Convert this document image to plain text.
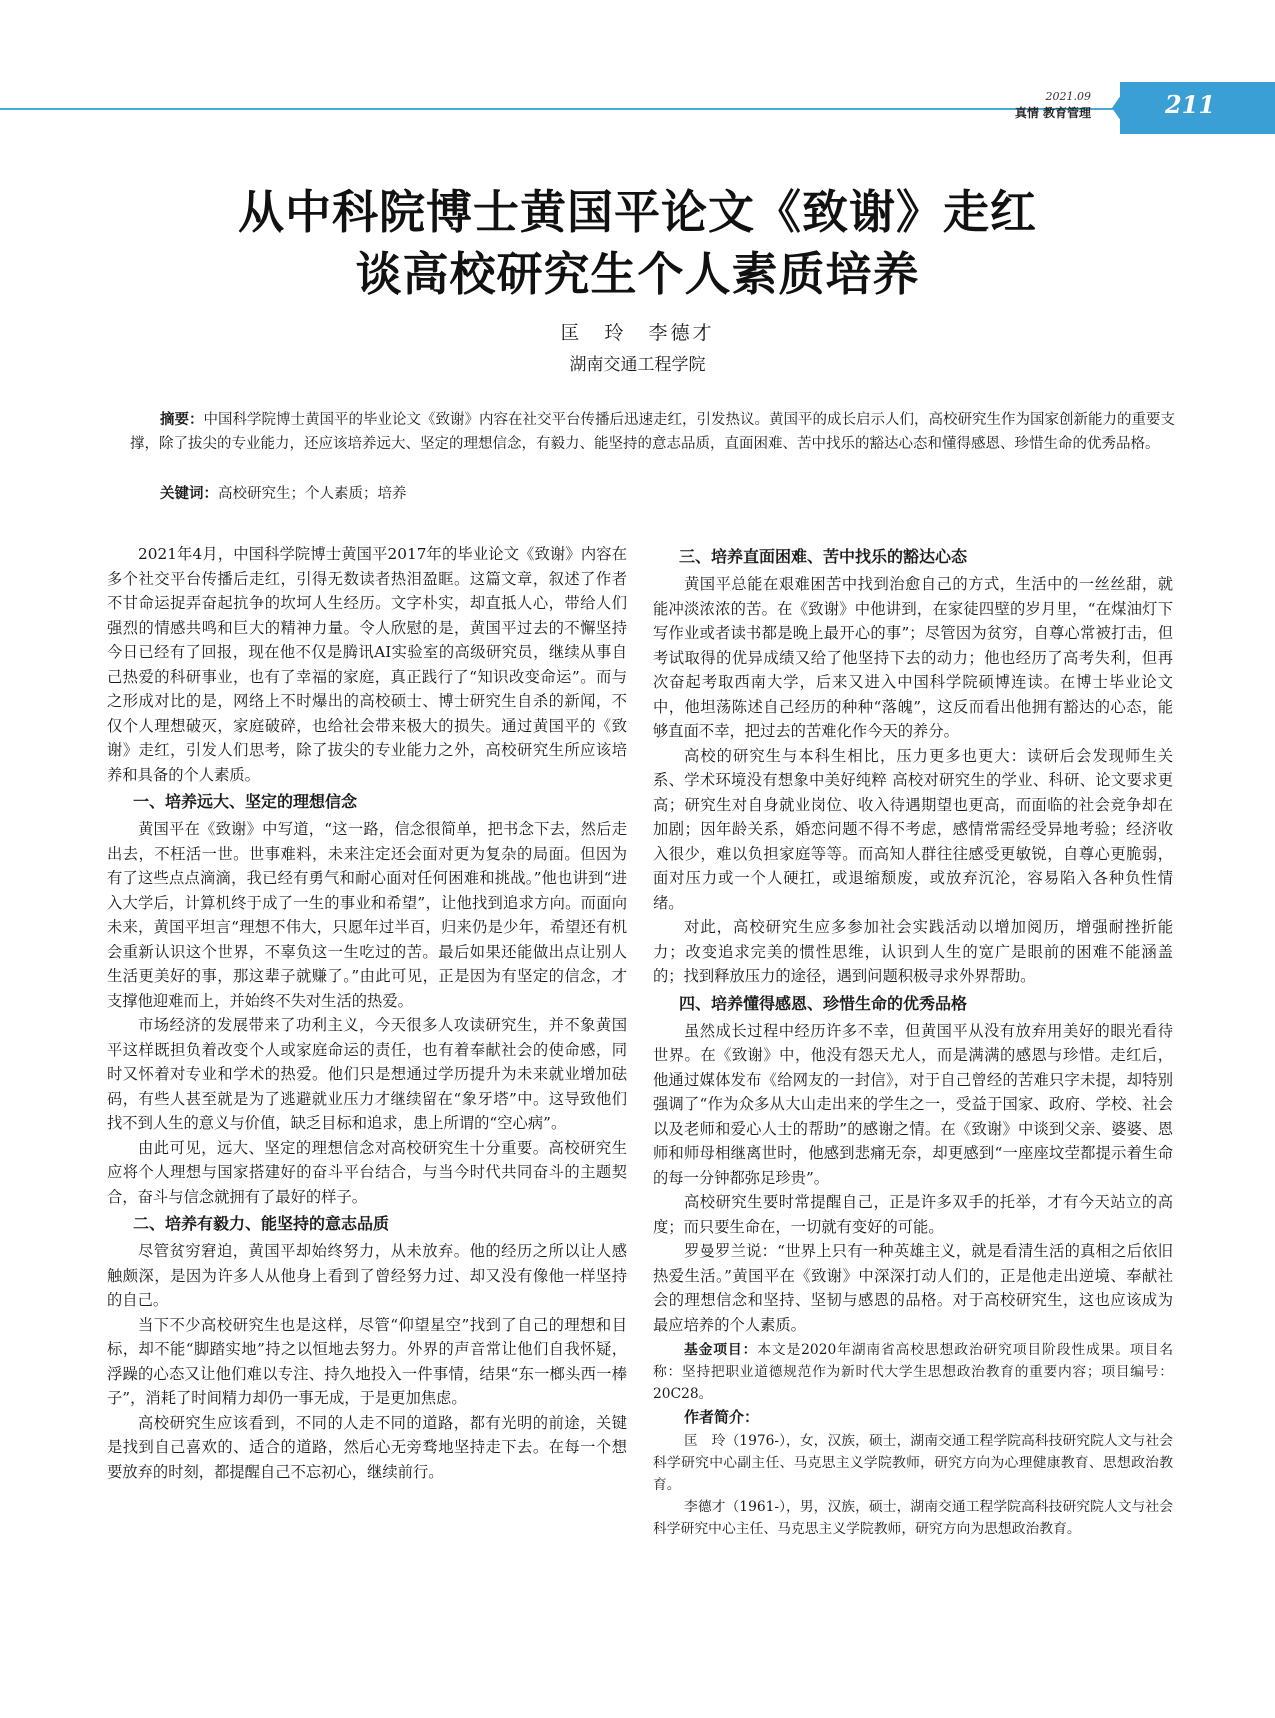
211
2021.09
真情 教育管理
从中科院博士黄国平论文《致谢》走红
谈高校研究生个人素质培养
匡　玲　李德才
湖南交通工程学院
摘要：中国科学院博士黄国平的毕业论文《致谢》内容在社交平台传播后迅速走红，引发热议。黄国平的成长启示人们，高校研究生作为国家创新能力的重要支撑，除了拔尖的专业能力，还应该培养远大、坚定的理想信念，有毅力、能坚持的意志品质，直面困难、苦中找乐的豁达心态和懂得感恩、珍惜生命的优秀品格。
关键词：高校研究生；个人素质；培养

2021年4月，中国科学院博士黄国平2017年的毕业论文《致谢》内容在多个社交平台传播后走红，引得无数读者热泪盈眶。这篇文章，叙述了作者不甘命运捉弄奋起抗争的坎坷人生经历。文字朴实，却直抵人心，带给人们强烈的情感共鸣和巨大的精神力量。令人欣慰的是，黄国平过去的不懈坚持今日已经有了回报，现在他不仅是腾讯AI实验室的高级研究员，继续从事自己热爱的科研事业，也有了幸福的家庭，真正践行了“知识改变命运”。而与之形成对比的是，网络上不时爆出的高校硕士、博士研究生自杀的新闻，不仅个人理想破灭，家庭破碎，也给社会带来极大的损失。通过黄国平的《致谢》走红，引发人们思考，除了拔尖的专业能力之外，高校研究生所应该培养和具备的个人素质。

一、培养远大、坚定的理想信念

黄国平在《致谢》中写道，“这一路，信念很简单，把书念下去，然后走出去，不枉活一世。世事难料，未来注定还会面对更为复杂的局面。但因为有了这些点点滴滴，我已经有勇气和耐心面对任何困难和挑战。”他也讲到“进入大学后，计算机终于成了一生的事业和希望”，让他找到追求方向。而面向未来，黄国平坦言“理想不伟大，只愿年过半百，归来仍是少年，希望还有机会重新认识这个世界，不辜负这一生吃过的苦。最后如果还能做出点让别人生活更美好的事，那这辈子就赚了。”由此可见，正是因为有坚定的信念，才支撑他迎难而上，并始终不失对生活的热爱。

市场经济的发展带来了功利主义，今天很多人攻读研究生，并不象黄国平这样既担负着改变个人或家庭命运的责任，也有着奉献社会的使命感，同时又怀着对专业和学术的热爱。他们只是想通过学历提升为未来就业增加砝码，有些人甚至就是为了逃避就业压力才继续留在“象牙塔”中。这导致他们找不到人生的意义与价值，缺乏目标和追求，患上所谓的“空心病”。

由此可见，远大、坚定的理想信念对高校研究生十分重要。高校研究生应将个人理想与国家搭建好的奋斗平台结合，与当今时代共同奋斗的主题契合，奋斗与信念就拥有了最好的样子。

二、培养有毅力、能坚持的意志品质

尽管贫穷窘迫，黄国平却始终努力，从未放弃。他的经历之所以让人感触颇深，是因为许多人从他身上看到了曾经努力过、却又没有像他一样坚持的自己。

当下不少高校研究生也是这样，尽管“仰望星空”找到了自己的理想和目标，却不能“脚踏实地”持之以恒地去努力。外界的声音常让他们自我怀疑，浮躁的心态又让他们难以专注、持久地投入一件事情，结果“东一榔头西一棒子”，消耗了时间精力却仍一事无成，于是更加焦虑。

高校研究生应该看到，不同的人走不同的道路，都有光明的前途，关键是找到自己喜欢的、适合的道路，然后心无旁骛地坚持走下去。在每一个想要放弃的时刻，都提醒自己不忘初心，继续前行。

三、培养直面困难、苦中找乐的豁达心态

黄国平总能在艰难困苦中找到治愈自己的方式，生活中的一丝丝甜，就能冲淡浓浓的苦。在《致谢》中他讲到，在家徒四壁的岁月里，“在煤油灯下写作业或者读书都是晚上最开心的事”；尽管因为贫穷，自尊心常被打击，但考试取得的优异成绩又给了他坚持下去的动力；他也经历了高考失利，但再次奋起考取西南大学，后来又进入中国科学院硕博连读。在博士毕业论文中，他坦荡陈述自己经历的种种“落魄”，这反而看出他拥有豁达的心态，能够直面不幸，把过去的苦难化作今天的养分。

高校的研究生与本科生相比，压力更多也更大：读研后会发现师生关系、学术环境没有想象中美好纯粹 高校对研究生的学业、科研、论文要求更高；研究生对自身就业岗位、收入待遇期望也更高，而面临的社会竞争却在加剧；因年龄关系，婚恋问题不得不考虑，感情常需经受异地考验；经济收入很少，难以负担家庭等等。而高知人群往往感受更敏锐，自尊心更脆弱，面对压力或一个人硬扛，或退缩颓废，或放弃沉沦，容易陷入各种负性情绪。

对此，高校研究生应多参加社会实践活动以增加阅历，增强耐挫折能力；改变追求完美的惯性思维，认识到人生的宽广是眼前的困难不能涵盖的；找到释放压力的途径，遇到问题积极寻求外界帮助。

四、培养懂得感恩、珍惜生命的优秀品格

虽然成长过程中经历许多不幸，但黄国平从没有放弃用美好的眼光看待世界。在《致谢》中，他没有怨天尤人，而是满满的感恩与珍惜。走红后，他通过媒体发布《给网友的一封信》，对于自己曾经的苦难只字未提，却特别强调了“作为众多从大山走出来的学生之一，受益于国家、政府、学校、社会以及老师和爱心人士的帮助”的感谢之情。在《致谢》中谈到父亲、婆婆、恩师和师母相继离世时，他感到悲痛无奈，却更感到“一座座坟茔都提示着生命的每一分钟都弥足珍贵”。

高校研究生要时常提醒自己，正是许多双手的托举，才有今天站立的高度；而只要生命在，一切就有变好的可能。

罗曼罗兰说：“世界上只有一种英雄主义，就是看清生活的真相之后依旧热爱生活。”黄国平在《致谢》中深深打动人们的，正是他走出逆境、奉献社会的理想信念和坚持、坚韧与感恩的品格。对于高校研究生，这也应该成为最应培养的个人素质。

基金项目：本文是2020年湖南省高校思想政治研究项目阶段性成果。项目名称：坚持把职业道德规范作为新时代大学生思想政治教育的重要内容；项目编号：20C28。

作者简介：

匡　玲（1976-），女，汉族，硕士，湖南交通工程学院高科技研究院人文与社会科学研究中心副主任、马克思主义学院教师，研究方向为心理健康教育、思想政治教育。

李德才（1961-），男，汉族，硕士，湖南交通工程学院高科技研究院人文与社会科学研究中心主任、马克思主义学院教师，研究方向为思想政治教育。
